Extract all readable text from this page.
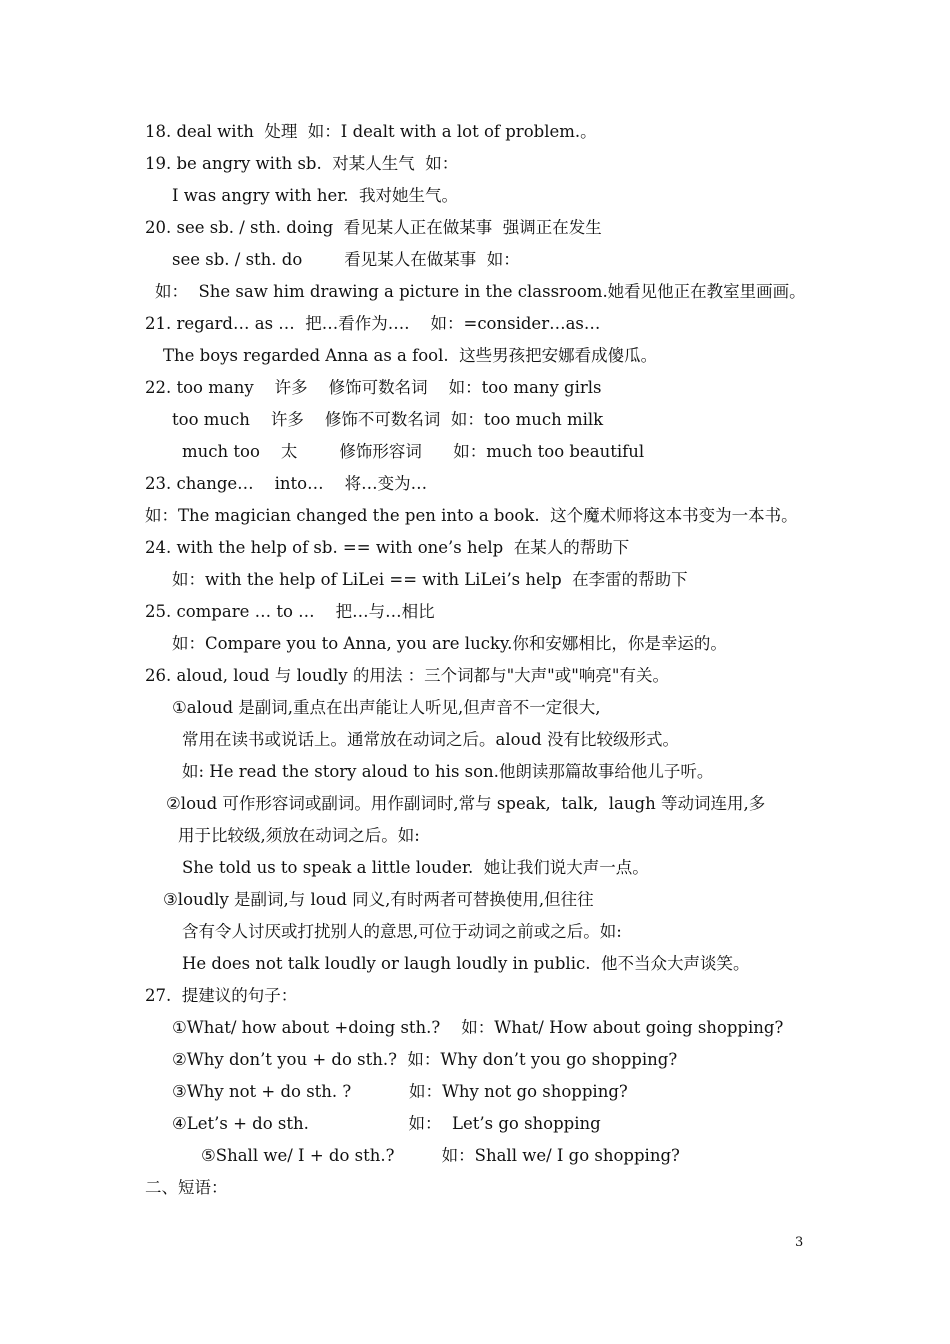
18. deal with  处理  如：I dealt with a lot of problem.。
19. be angry with sb.  对某人生气  如：
I was angry with her.  我对她生气。
20. see sb. / sth. doing  看见某人正在做某事  强调正在发生
see sb. / sth. do        看见某人在做某事  如：
如：  She saw him drawing a picture in the classroom.她看见他正在教室里画画。
21. regard… as …  把…看作为….    如：=consider…as…
The boys regarded Anna as a fool.  这些男孩把安娜看成傻瓜。
22. too many    许多    修饰可数名词    如：too many girls
too much    许多    修饰不可数名词  如：too much milk
much too    太        修饰形容词      如：much too beautiful
23. change…    into…    将…变为…
如：The magician changed the pen into a book.  这个魔术师将这本书变为一本书。
24. with the help of sb. == with one’s help  在某人的帮助下
如：with the help of LiLei == with LiLei’s help  在李雷的帮助下
25. compare … to …    把…与…相比
如：Compare you to Anna, you are lucky.你和安娜相比，你是幸运的。
26. aloud, loud 与 loudly 的用法 ：三个词都与"大声"或"响亮"有关。
①aloud 是副词,重点在出声能让人听见,但声音不一定很大,
常用在读书或说话上。通常放在动词之后。aloud 没有比较级形式。
如: He read the story aloud to his son.他朗读那篇故事给他儿子听。
②loud 可作形容词或副词。用作副词时,常与 speak,  talk,  laugh 等动词连用,多
用于比较级,须放在动词之后。如:
She told us to speak a little louder.  她让我们说大声一点。
③loudly 是副词,与 loud 同义,有时两者可替换使用,但往往
含有令人讨厌或打扰别人的意思,可位于动词之前或之后。如:
He does not talk loudly or laugh loudly in public.  他不当众大声谈笑。
27.  提建议的句子：
①What/ how about +doing sth.?    如：What/ How about going shopping?
②Why don’t you + do sth.?  如：Why don’t you go shopping?
③Why not + do sth. ?           如：Why not go shopping?
④Let’s + do sth.                   如：  Let’s go shopping
⑤Shall we/ I + do sth.?         如：Shall we/ I go shopping?
二、短语：
3
